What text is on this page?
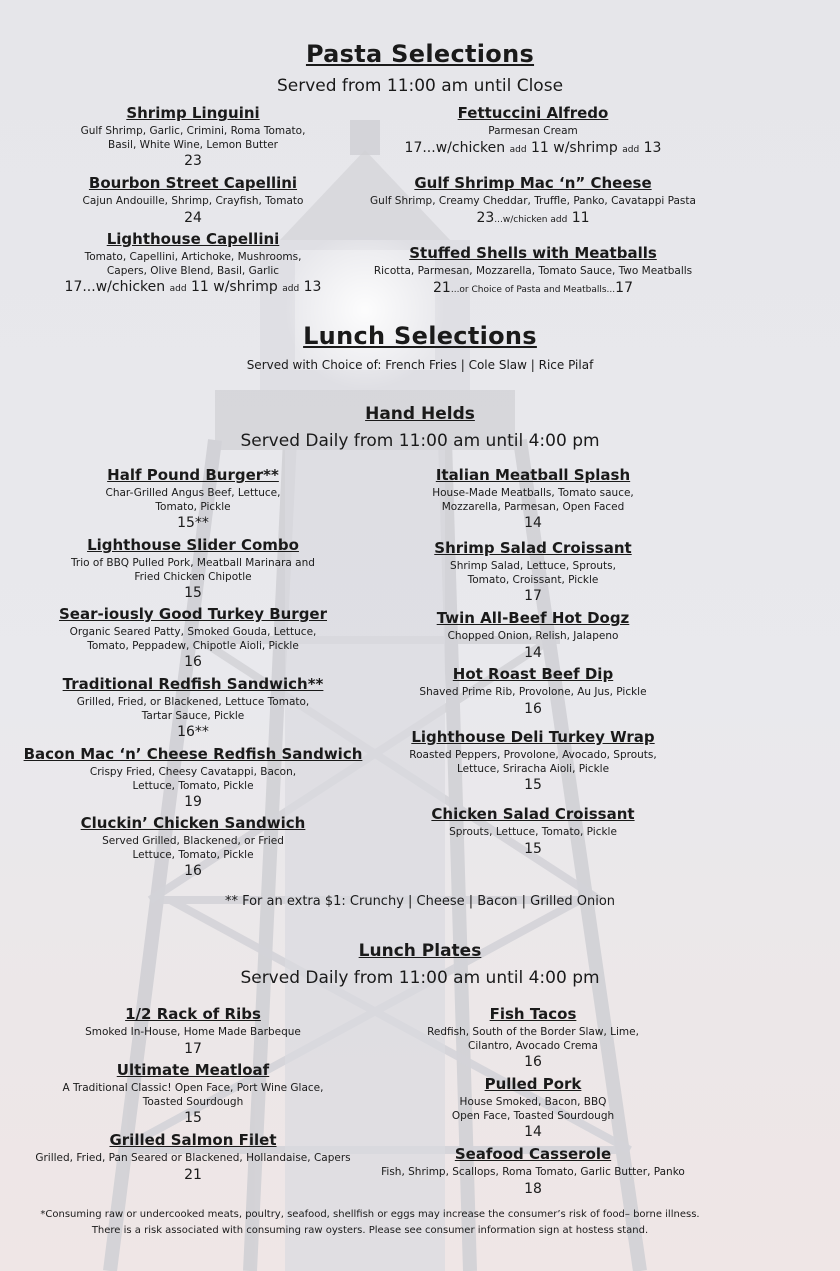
Pasta Selections
Served from 11:00 am until Close
Shrimp Linguini
Gulf Shrimp, Garlic, Crimini, Roma Tomato,
Basil, White Wine, Lemon Butter
23
Bourbon Street Capellini
Cajun Andouille, Shrimp, Crayfish, Tomato
24
Lighthouse Capellini
Tomato, Capellini, Artichoke, Mushrooms,
Capers, Olive Blend, Basil, Garlic
17...w/chicken add 11 w/shrimp add 13
Fettuccini Alfredo
Parmesan Cream
17...w/chicken add 11 w/shrimp add 13
Gulf Shrimp Mac ‘n” Cheese
Gulf Shrimp, Creamy Cheddar, Truffle, Panko, Cavatappi Pasta
23...w/chicken add 11
Stuffed Shells with Meatballs
Ricotta, Parmesan, Mozzarella, Tomato Sauce, Two Meatballs
21...or Choice of Pasta and Meatballs...17
Lunch Selections
Served with Choice of: French Fries | Cole Slaw | Rice Pilaf
Hand Helds
Served Daily from 11:00 am until 4:00 pm
Half Pound Burger**
Char-Grilled Angus Beef, Lettuce,
Tomato, Pickle
15**
Lighthouse Slider Combo
Trio of BBQ Pulled Pork, Meatball Marinara and
Fried Chicken Chipotle
15
Sear-iously Good Turkey Burger
Organic Seared Patty, Smoked Gouda, Lettuce,
Tomato, Peppadew, Chipotle Aioli, Pickle
16
Traditional Redfish Sandwich**
Grilled, Fried, or Blackened, Lettuce Tomato,
Tartar Sauce, Pickle
16**
Bacon Mac ‘n’ Cheese Redfish Sandwich
Crispy Fried, Cheesy Cavatappi, Bacon,
Lettuce, Tomato, Pickle
19
Cluckin’ Chicken Sandwich
Served Grilled, Blackened, or Fried
Lettuce, Tomato, Pickle
16
Italian Meatball Splash
House-Made Meatballs, Tomato sauce,
Mozzarella, Parmesan, Open Faced
14
Shrimp Salad Croissant
Shrimp Salad, Lettuce, Sprouts,
Tomato, Croissant, Pickle
17
Twin All-Beef Hot Dogz
Chopped Onion, Relish, Jalapeno
14
Hot Roast Beef Dip
Shaved Prime Rib, Provolone, Au Jus, Pickle
16
Lighthouse Deli Turkey Wrap
Roasted Peppers, Provolone, Avocado, Sprouts,
Lettuce, Sriracha Aioli, Pickle
15
Chicken Salad Croissant
Sprouts, Lettuce, Tomato, Pickle
15
** For an extra $1: Crunchy | Cheese | Bacon | Grilled Onion
Lunch Plates
Served Daily from 11:00 am until 4:00 pm
1/2 Rack of Ribs
Smoked In-House, Home Made Barbeque
17
Ultimate Meatloaf
A Traditional Classic! Open Face, Port Wine Glace,
Toasted Sourdough
15
Grilled Salmon Filet
Grilled, Fried, Pan Seared or Blackened, Hollandaise, Capers
21
Fish Tacos
Redfish, South of the Border Slaw, Lime,
Cilantro, Avocado Crema
16
Pulled Pork
House Smoked, Bacon, BBQ
Open Face, Toasted Sourdough
14
Seafood Casserole
Fish, Shrimp, Scallops, Roma Tomato, Garlic Butter, Panko
18
*Consuming raw or undercooked meats, poultry, seafood, shellfish or eggs may increase the consumer’s risk of food– borne illness.
There is a risk associated with consuming raw oysters. Please see consumer information sign at hostess stand.
